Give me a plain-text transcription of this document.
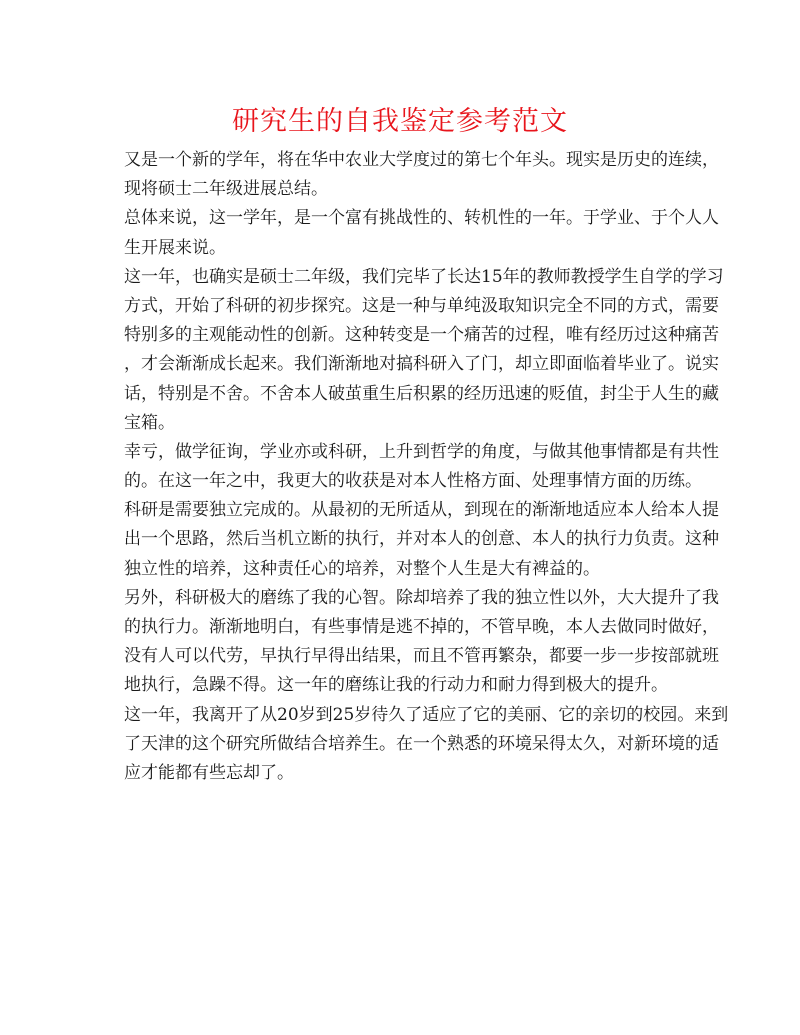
研究生的自我鉴定参考范文

又是一个新的学年，将在华中农业大学度过的第七个年头。现实是历史的连续，
现将硕士二年级进展总结。

总体来说，这一学年，是一个富有挑战性的、转机性的一年。于学业、于个人人
生开展来说。

这一年，也确实是硕士二年级，我们完毕了长达15年的教师教授学生自学的学习
方式，开始了科研的初步探究。这是一种与单纯汲取知识完全不同的方式，需要
特别多的主观能动性的创新。这种转变是一个痛苦的过程，唯有经历过这种痛苦
，才会渐渐成长起来。我们渐渐地对搞科研入了门，却立即面临着毕业了。说实
话，特别是不舍。不舍本人破茧重生后积累的经历迅速的贬值，封尘于人生的藏
宝箱。

幸亏，做学征询，学业亦或科研，上升到哲学的角度，与做其他事情都是有共性
的。在这一年之中，我更大的收获是对本人性格方面、处理事情方面的历练。

科研是需要独立完成的。从最初的无所适从，到现在的渐渐地适应本人给本人提
出一个思路，然后当机立断的执行，并对本人的创意、本人的执行力负责。这种
独立性的培养，这种责任心的培养，对整个人生是大有裨益的。

另外，科研极大的磨练了我的心智。除却培养了我的独立性以外，大大提升了我
的执行力。渐渐地明白，有些事情是逃不掉的，不管早晚，本人去做同时做好，
没有人可以代劳，早执行早得出结果，而且不管再繁杂，都要一步一步按部就班
地执行，急躁不得。这一年的磨练让我的行动力和耐力得到极大的提升。

这一年，我离开了从20岁到25岁待久了适应了它的美丽、它的亲切的校园。来到
了天津的这个研究所做结合培养生。在一个熟悉的环境呆得太久，对新环境的适
应才能都有些忘却了。
